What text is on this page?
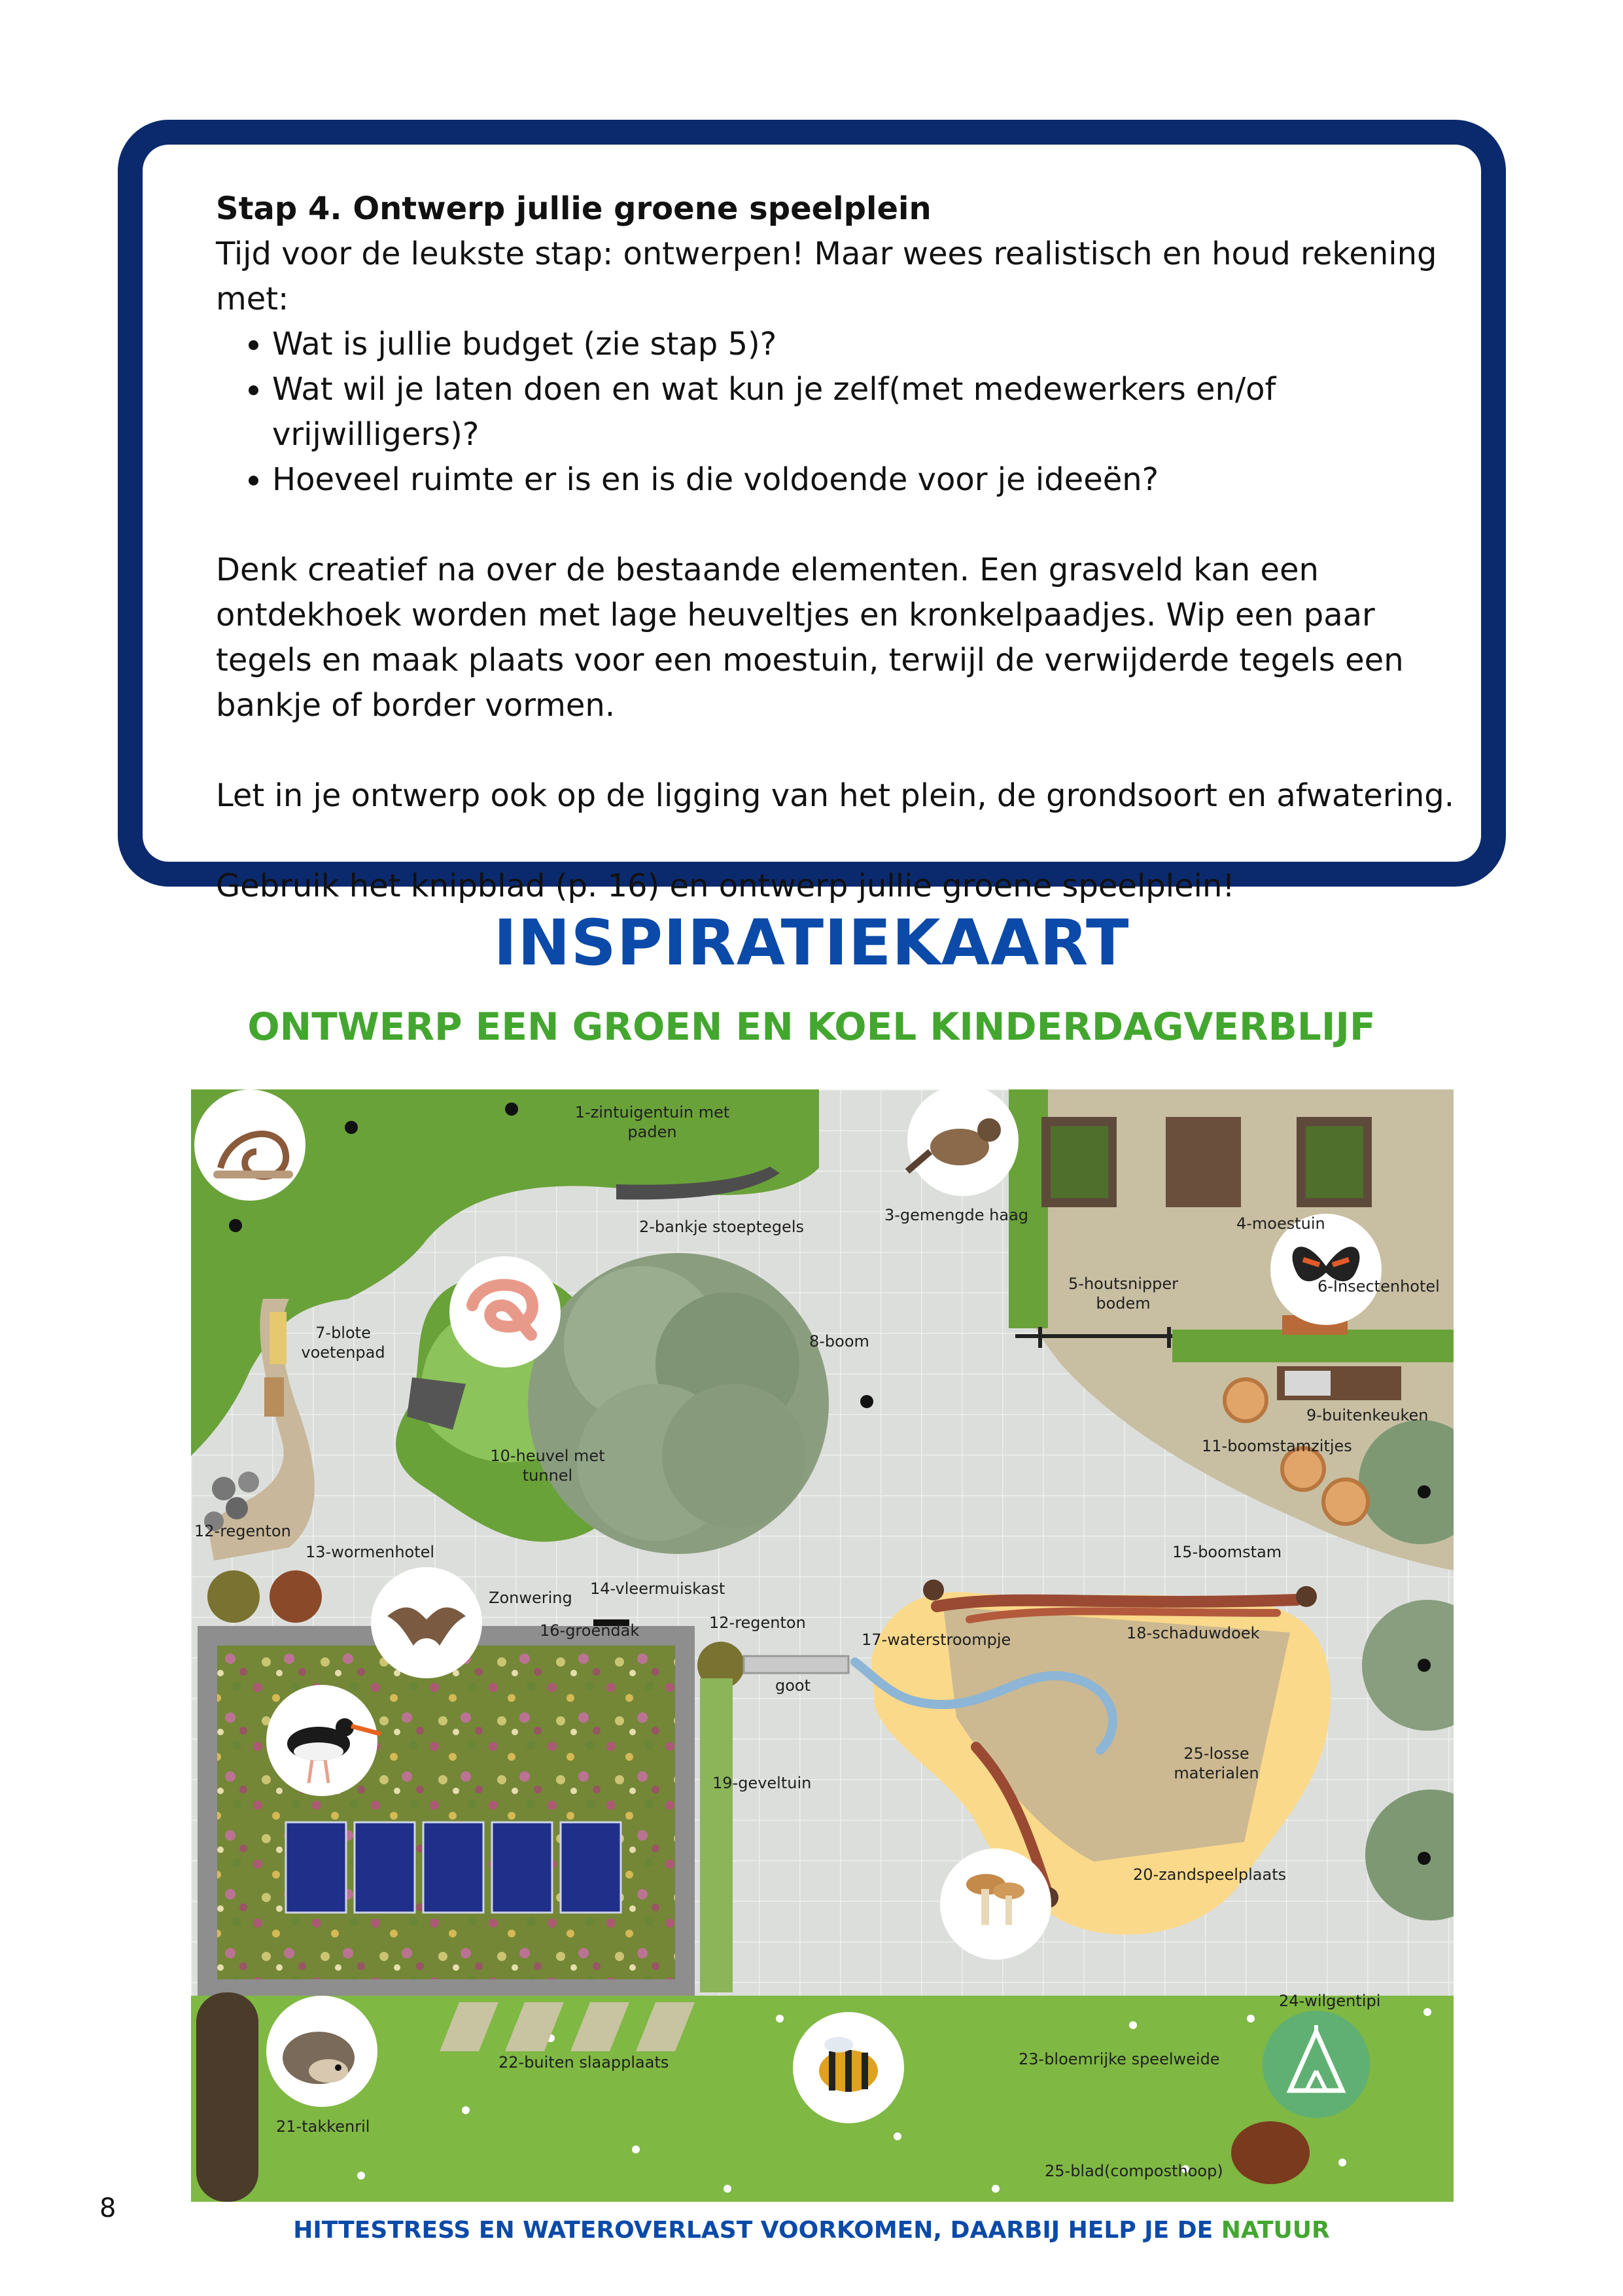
Stap 4. Ontwerp jullie groene speelplein

Tijd voor de leukste stap: ontwerpen! Maar wees realistisch en houd rekening met:

• Wat is jullie budget (zie stap 5)?
• Wat wil je laten doen en wat kun je zelf(met medewerkers en/of vrijwilligers)?
• Hoeveel ruimte er is en is die voldoende voor je ideeën?

Denk creatief na over de bestaande elementen. Een grasveld kan een ontdekhoek worden met lage heuveltjes en kronkelpaadjes. Wip een paar tegels en maak plaats voor een moestuin, terwijl de verwijderde tegels een bankje of border vormen.

Let in je ontwerp ook op de ligging van het plein, de grondsoort en afwatering.

Gebruik het knipblad (p. 16) en ontwerp jullie groene speelplein!

INSPIRATIEKAART
ONTWERP EEN GROEN EN KOEL KINDERDAGVERBLIJF
1-zintuigentuin met
paden
2-bankje stoeptegels
3-gemengde haag	4-moestuin
5-houtsnipper
bodem
6-Insectenhotel
7-blote
voetenpad
8-boom
9-buitenkeuken
10-heuvel met
tunnel
11-boomstamzitjes
12-regenton
13-wormenhotel
Zonwering 14-vleermuiskast
12-regenton
15-boomstam
16-groendak
goot
17-waterstroompje	18-schaduwdoek
19-geveltuin
25-losse
materialen
20-zandspeelplaats
24-wilgentipi
22-buiten slaapplaats	23-bloemrijke speelweide
21-takkenril
25-blad(composthoop)
8
HITTESTRESS EN WATEROVERLAST VOORKOMEN, DAARBIJ HELP JE DE NATUUR
